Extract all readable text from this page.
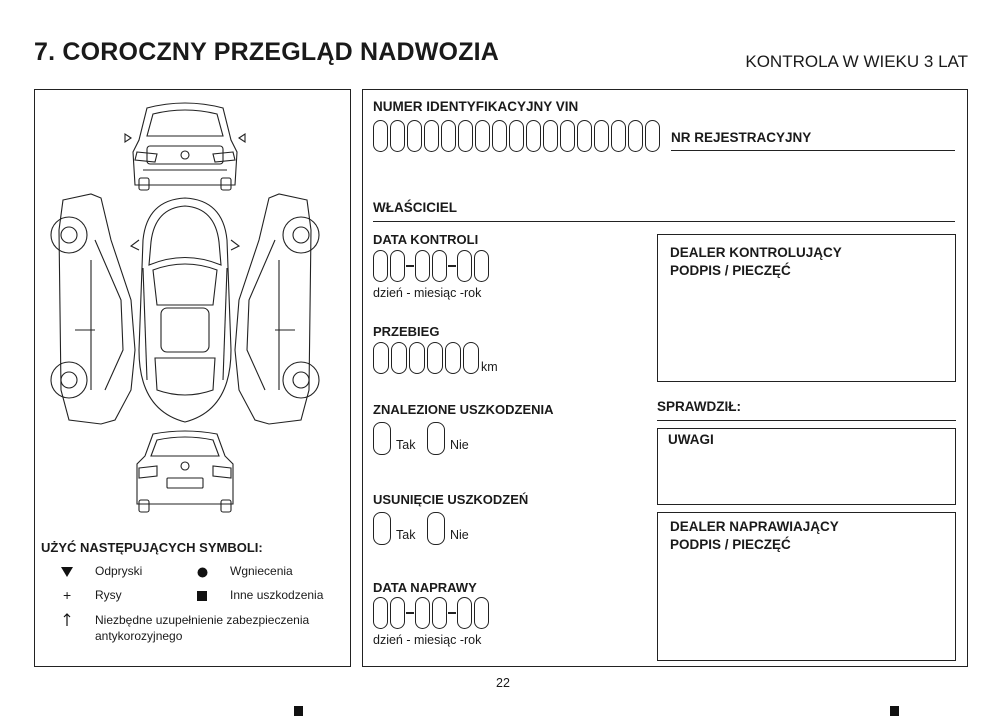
7. COROCZNY PRZEGLĄD NADWOZIA	KONTROLA W WIEKU 3 LAT
UŻYĆ NASTĘPUJĄCYCH SYMBOLI:
Odpryski	Wgniecenia
+ Rysy	Inne uszkodzenia
Niezbędne uzupełnienie zabezpieczenia antykorozyjnego
NUMER IDENTYFIKACYJNY VIN
NR REJESTRACYJNY
WŁAŚCICIEL
DATA KONTROLI
dzień - miesiąc -rok
PRZEBIEG
km
ZNALEZIONE USZKODZENIA
Tak	Nie
USUNIĘCIE USZKODZEŃ
Tak	Nie
DATA NAPRAWY
dzień - miesiąc -rok
DEALER KONTROLUJĄCY
PODPIS / PIECZĘĆ
SPRAWDZIŁ:
UWAGI
DEALER NAPRAWIAJĄCY
PODPIS / PIECZĘĆ
22
